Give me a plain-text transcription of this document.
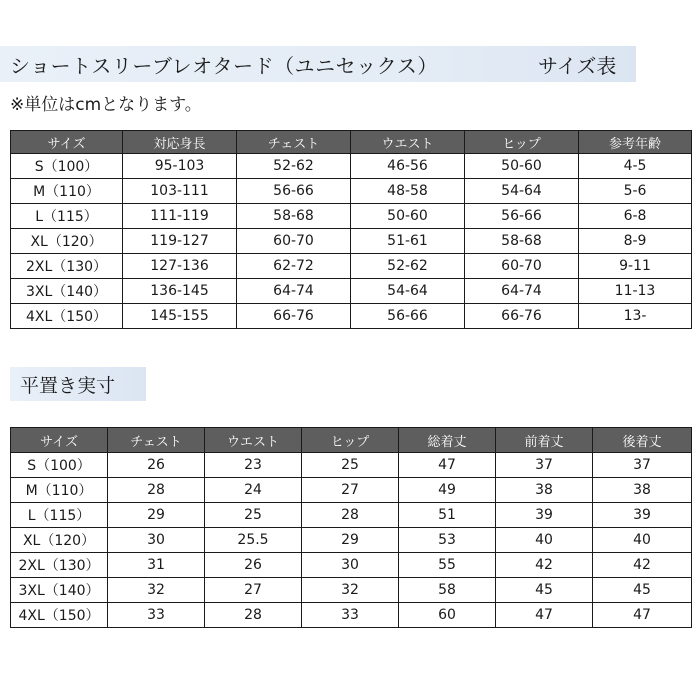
ショートスリーブレオタード（ユニセックス）	サイズ表
※単位はcmとなります。
サイズ	対応身長	チェスト	ウエスト	ヒップ	参考年齢
S（100）	95-103	52-62	46-56	50-60	4-5
M（110）	103-111	56-66	48-58	54-64	5-6
L（115）	111-119	58-68	50-60	56-66	6-8
XL（120）	119-127	60-70	51-61	58-68	8-9
2XL（130）	127-136	62-72	52-62	60-70	9-11
3XL（140）	136-145	64-74	54-64	64-74	11-13
4XL（150）	145-155	66-76	56-66	66-76	13-
平置き実寸
サイズ	チェスト	ウエスト	ヒップ	総着丈	前着丈	後着丈
S（100）	26	23	25	47	37	37
M（110）	28	24	27	49	38	38
L（115）	29	25	28	51	39	39
XL（120）	30	25.5	29	53	40	40
2XL（130）	31	26	30	55	42	42
3XL（140）	32	27	32	58	45	45
4XL（150）	33	28	33	60	47	47
